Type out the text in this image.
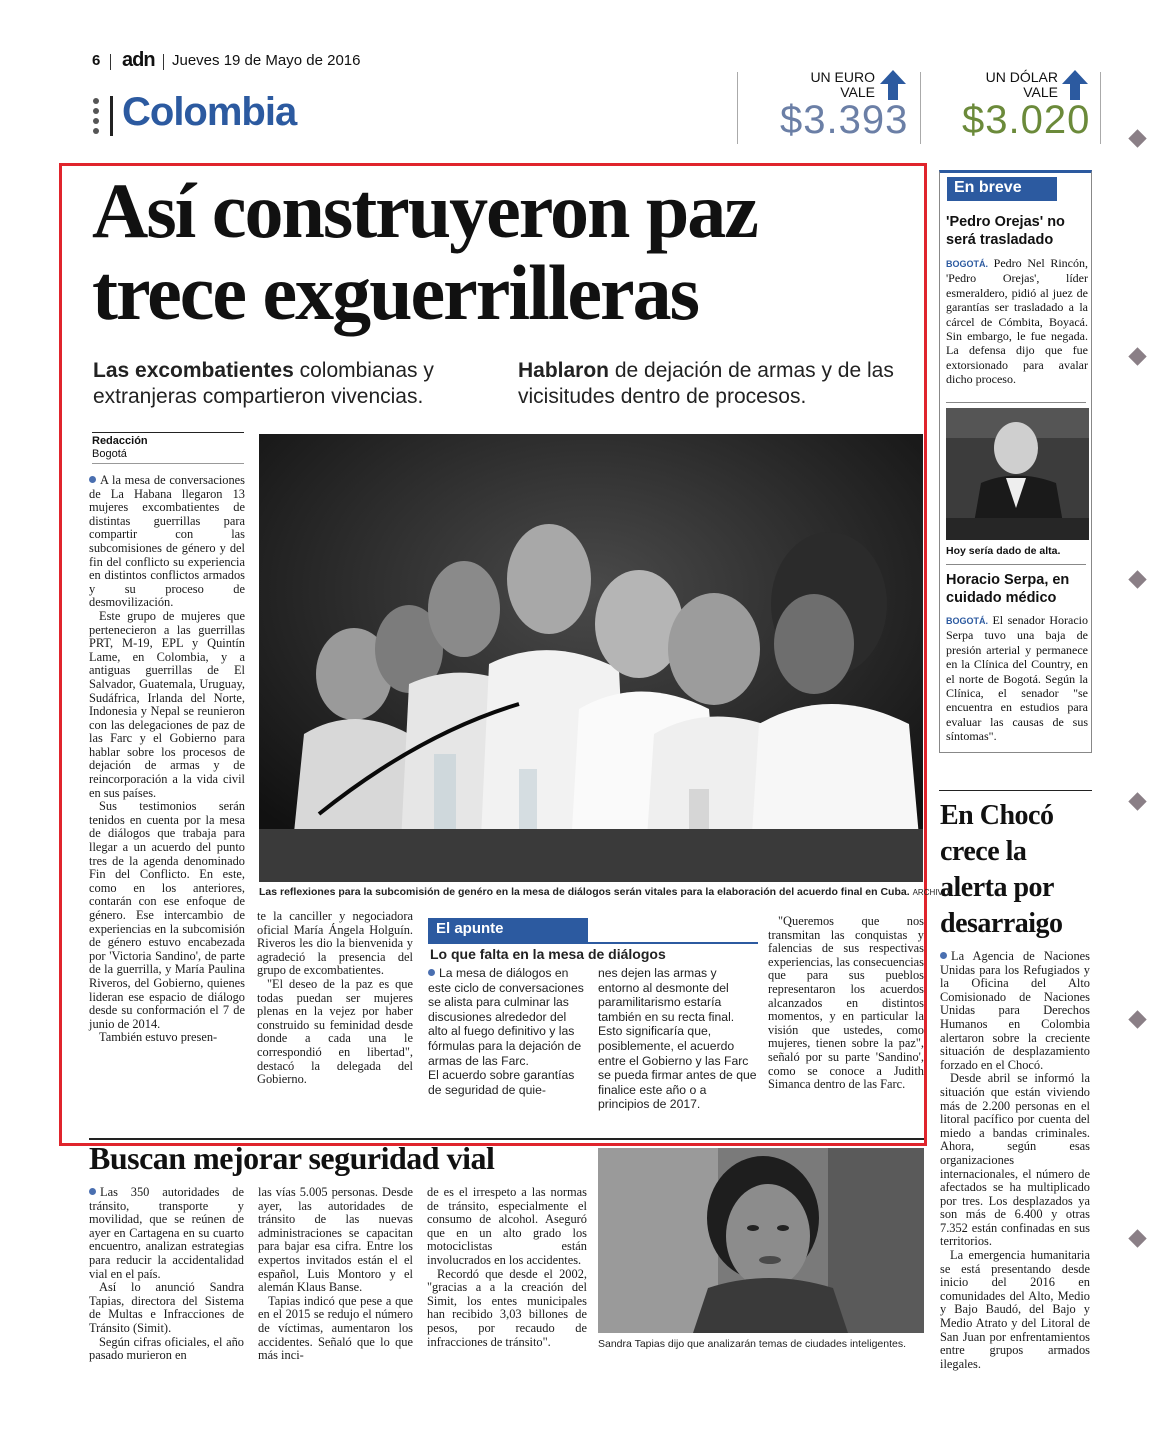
6 adn Jueves 19 de Mayo de 2016
Colombia
UN EURO
VALE
$3.393
UN DÓLAR
VALE
$3.020
Así construyeron paz
trece exguerrilleras
Las excombatientes colombianas y extranjeras compartieron vivencias.
Hablaron de dejación de armas y de las vicisitudes dentro de procesos.
Redacción
Bogotá

A la mesa de conversaciones de La Habana llegaron 13 mujeres excombatientes de distintas guerrillas para compartir con las subcomisiones de género y del fin del conflicto su experiencia en distintos conflictos armados y su proceso de desmovilización.

Este grupo de mujeres que pertenecieron a las guerrillas PRT, M-19, EPL y Quintín Lame, en Colombia, y a antiguas guerrillas de El Salvador, Guatemala, Uruguay, Sudáfrica, Irlanda del Norte, Indonesia y Nepal se reunieron con las delegaciones de paz de las Farc y el Gobierno para hablar sobre los procesos de dejación de armas y de reincorporación a la vida civil en sus países.

Sus testimonios serán tenidos en cuenta por la mesa de diálogos que trabaja para llegar a un acuerdo del punto tres de la agenda denominado Fin del Conflicto. En este, como en los anteriores, contarán con ese enfoque de género. Ese intercambio de experiencias en la subcomisión de género estuvo encabezada por 'Victoria Sandino', de parte de la guerrilla, y María Paulina Riveros, del Gobierno, quienes lideran ese espacio de diálogo desde su conformación el 7 de junio de 2014.

También estuvo presen-

Las reflexiones para la subcomisión de genéro en la mesa de diálogos serán vitales para la elaboración del acuerdo final en Cuba. ARCHIVO

te la canciller y negociadora oficial María Ángela Holguín. Riveros les dio la bienvenida y agradeció la presencia del grupo de excombatientes.

"El deseo de la paz es que todas puedan ser mujeres plenas en la vejez por haber construido su feminidad desde donde a cada una le correspondió en libertad", destacó la delegada del Gobierno.

El apunte
Lo que falta en la mesa de diálogos
La mesa de diálogos en este ciclo de conversaciones se alista para culminar las discusiones alrededor del alto al fuego definitivo y las fórmulas para la dejación de armas de las Farc.
El acuerdo sobre garantías de seguridad de quie-
nes dejen las armas y entorno al desmonte del paramilitarismo estaría también en su recta final.
Esto significaría que, posiblemente, el acuerdo entre el Gobierno y las Farc se pueda firmar antes de que finalice este año o a principios de 2017.

"Queremos que nos transmitan las conquistas y falencias de sus respectivas experiencias, las consecuencias que para sus pueblos representaron los acuerdos alcanzados en distintos momentos, y en particular la visión que ustedes, como mujeres, tienen sobre la paz", señaló por su parte 'Sandino', como se conoce a Judith Simanca dentro de las Farc.

En breve
'Pedro Orejas' no será trasladado
BOGOTÁ. Pedro Nel Rincón, 'Pedro Orejas', líder esmeraldero, pidió al juez de garantías ser trasladado a la cárcel de Cómbita, Boyacá. Sin embargo, le fue negada. La defensa dijo que fue extorsionado para avalar dicho proceso.
Hoy sería dado de alta.
Horacio Serpa, en cuidado médico
BOGOTÁ. El senador Horacio Serpa tuvo una baja de presión arterial y permanece en la Clínica del Country, en el norte de Bogotá. Según la Clínica, el senador "se encuentra en estudios para evaluar las causas de sus síntomas".
En Chocó crece la alerta por desarraigo

La Agencia de Naciones Unidas para los Refugiados y la Oficina del Alto Comisionado de Naciones Unidas para Derechos Humanos en Colombia alertaron sobre la creciente situación de desplazamiento forzado en el Chocó.

Desde abril se informó la situación que están viviendo más de 2.200 personas en el litoral pacífico por cuenta del miedo a bandas criminales. Ahora, según esas organizaciones internacionales, el número de afectados se ha multiplicado por tres. Los desplazados ya son más de 6.400 y otras 7.352 están confinadas en sus territorios.

La emergencia humanitaria se está presentando desde inicio del 2016 en comunidades del Alto, Medio y Bajo Baudó, del Bajo y Medio Atrato y del Litoral de San Juan por enfrentamientos entre grupos armados ilegales.

Buscan mejorar seguridad vial

Las 350 autoridades de tránsito, transporte y movilidad, que se reúnen de ayer en Cartagena en su cuarto encuentro, analizan estrategias para reducir la accidentalidad vial en el país.

Así lo anunció Sandra Tapias, directora del Sistema de Multas e Infracciones de Tránsito (Simit).

Según cifras oficiales, el año pasado murieron en

las vías 5.005 personas. Desde ayer, las autoridades de tránsito de las nuevas administraciones se capacitan para bajar esa cifra. Entre los expertos invitados están el el español, Luis Montoro y el alemán Klaus Banse.

Tapias indicó que pese a que en el 2015 se redujo el número de víctimas, aumentaron los accidentes. Señaló que lo que más inci-

de es el irrespeto a las normas de tránsito, especialmente el consumo de alcohol. Aseguró que en un alto grado los motociclistas están involucrados en los accidentes.

Recordó que desde el 2002, "gracias a a la creación del Simit, los entes municipales han recibido 3,03 billones de pesos, por recaudo de infracciones de tránsito".	Sandra Tapias dijo que analizarán temas de ciudades inteligentes.
